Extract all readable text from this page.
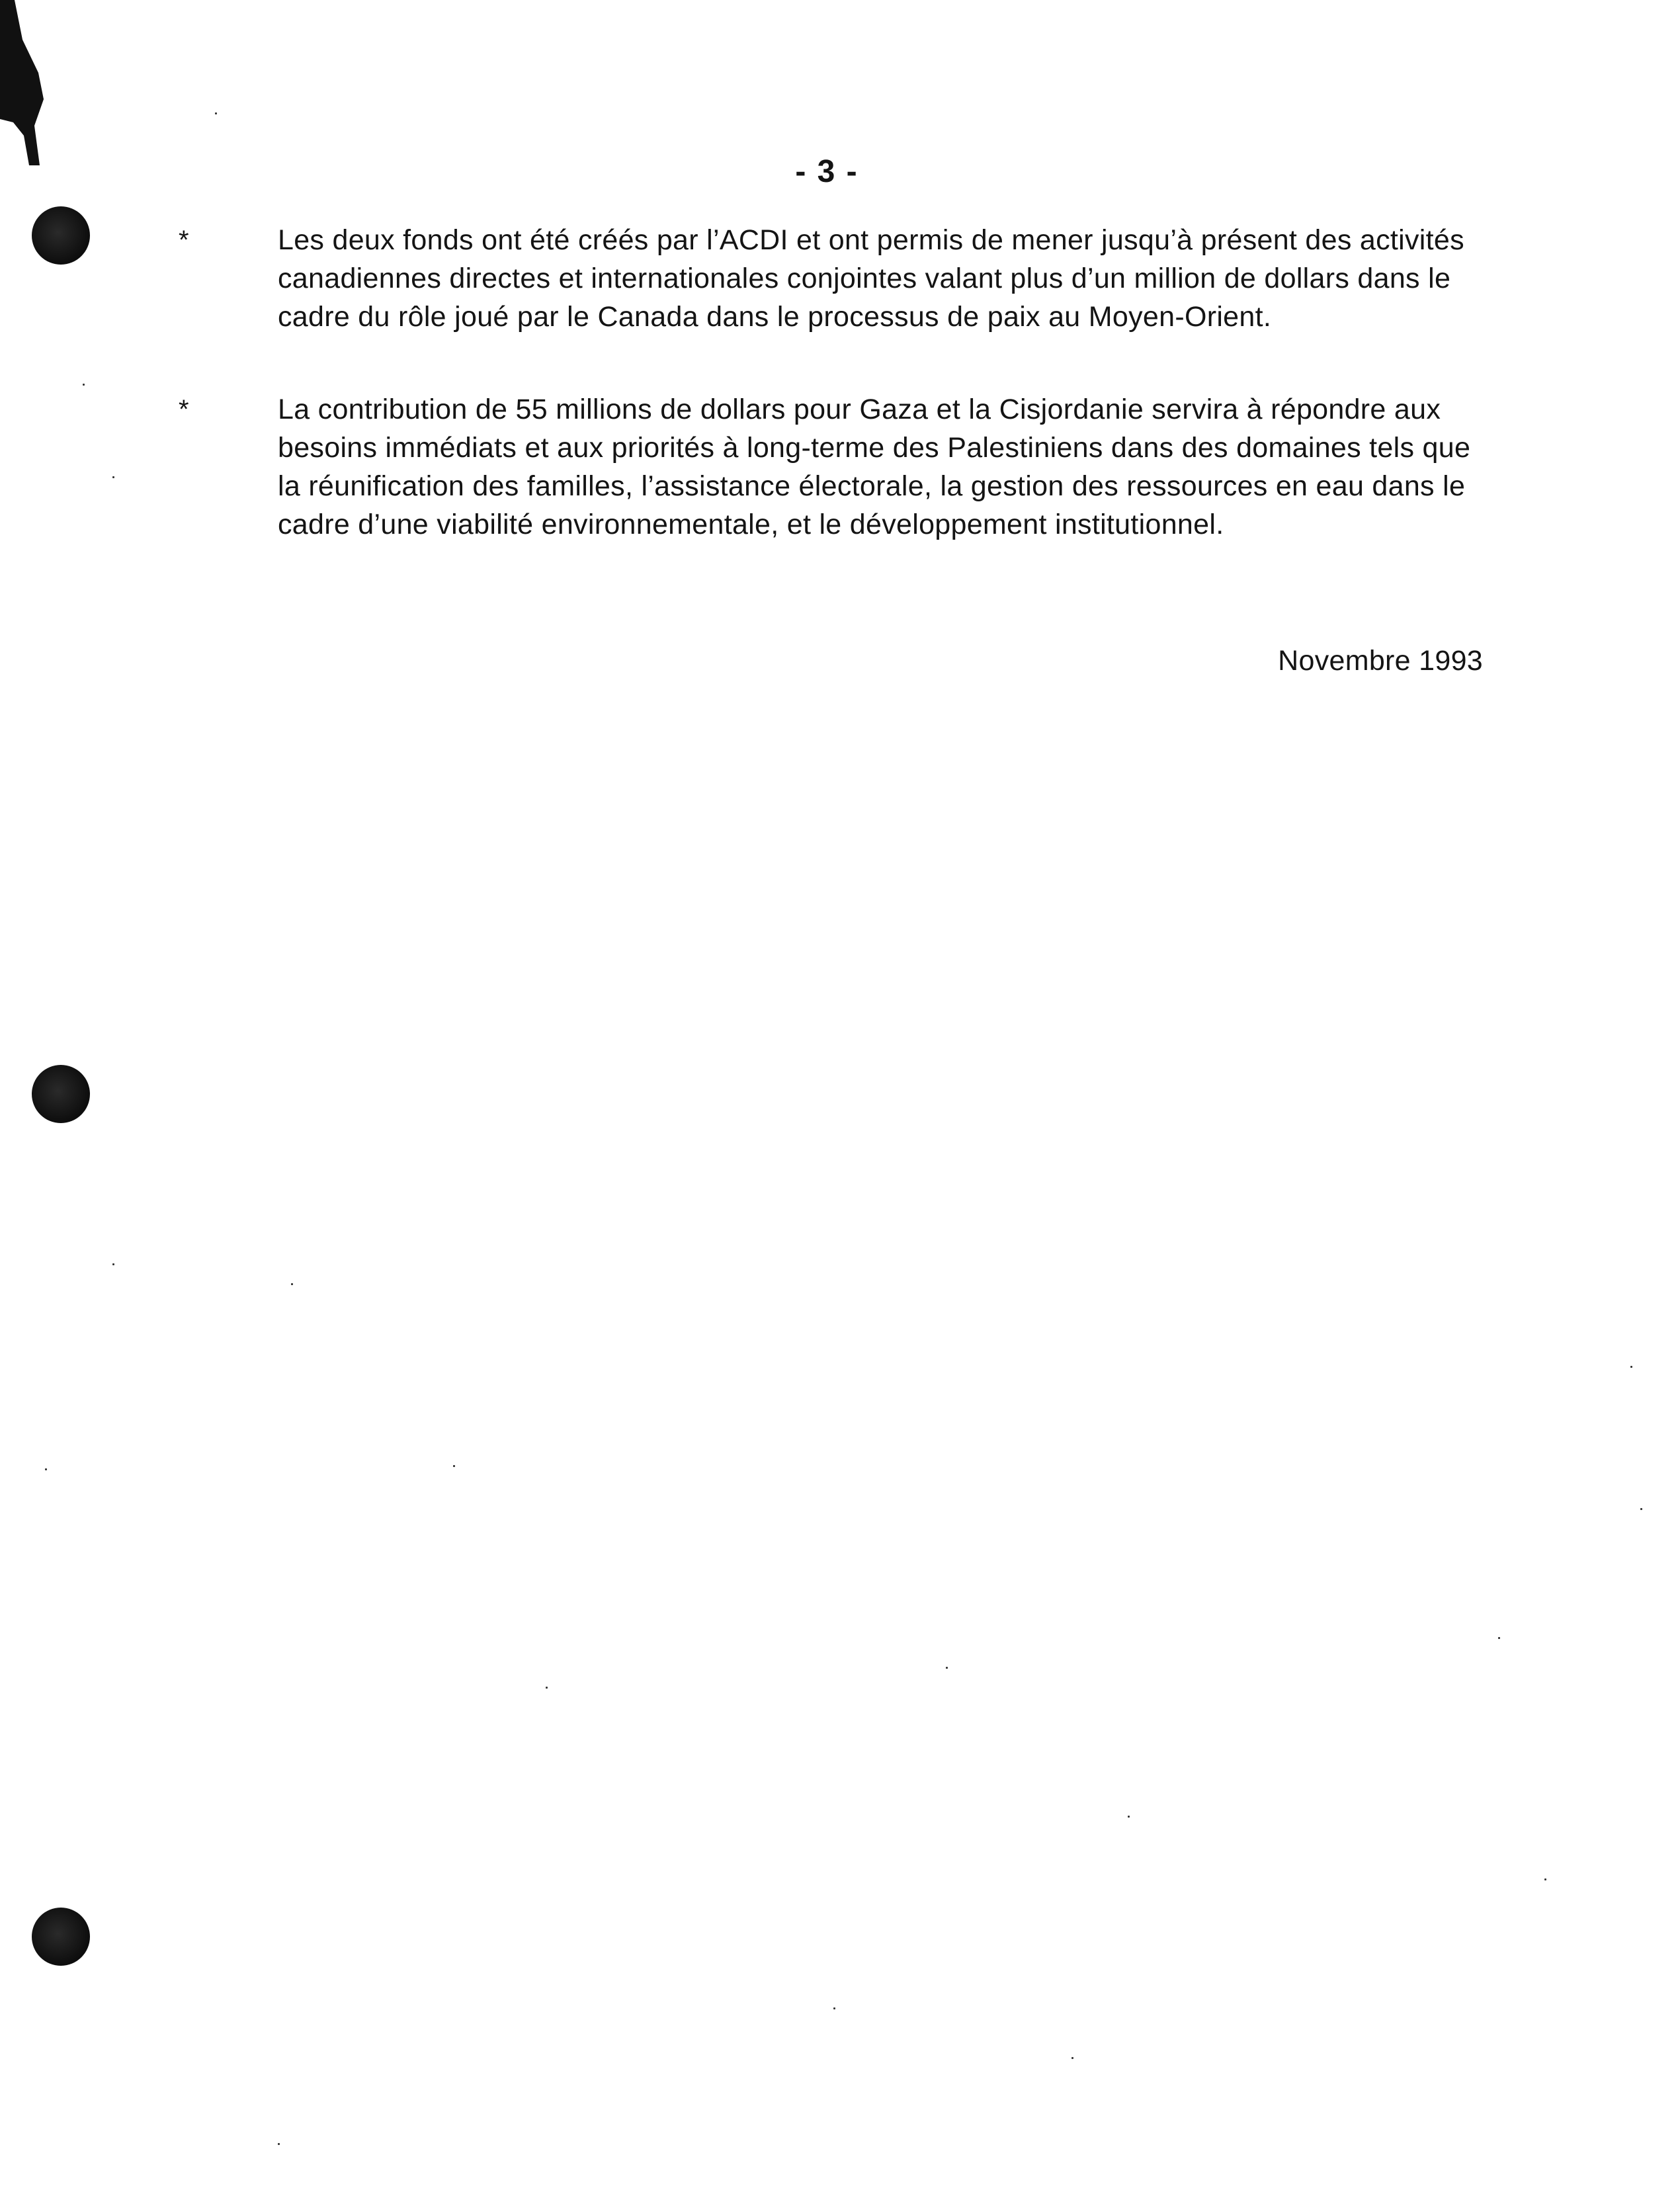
- 3 -
*	Les deux fonds ont été créés par l’ACDI et ont permis de mener jusqu’à présent des activités canadiennes directes et internationales conjointes valant plus d’un million de dollars dans le cadre du rôle joué par le Canada dans le processus de paix au Moyen-Orient.

*	La contribution de 55 millions de dollars pour Gaza et la Cisjordanie servira à répondre aux besoins immédiats et aux priorités à long-terme des Palestiniens dans des domaines tels que la réunification des familles, l’assistance électorale, la gestion des ressources en eau dans le cadre d’une viabilité environnementale, et le développement institutionnel.

Novembre 1993
